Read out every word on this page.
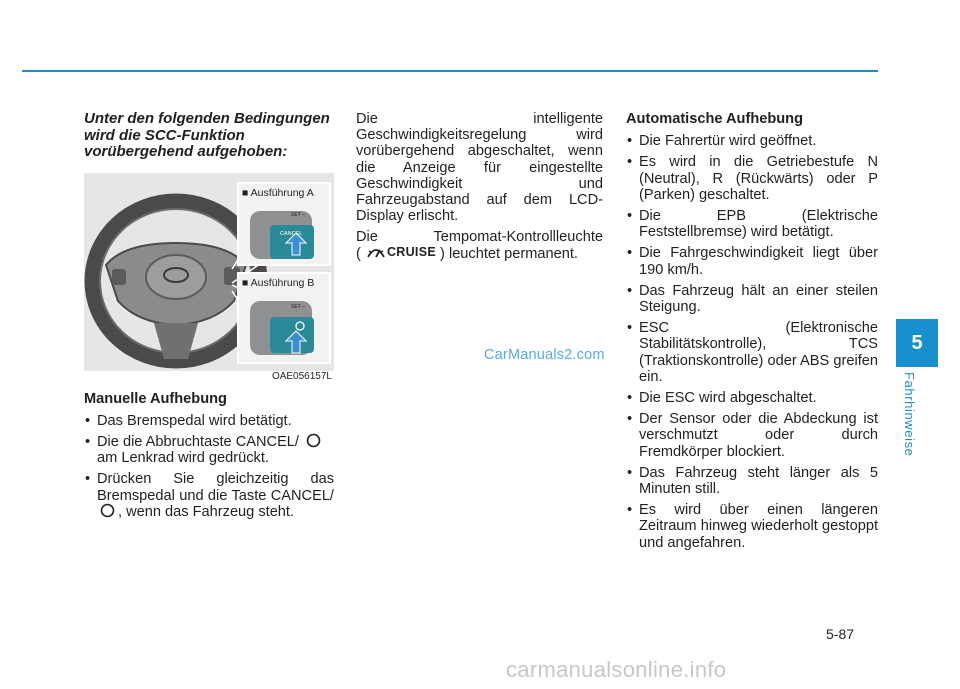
Unter den folgenden Bedingungen wird die SCC-Funktion vorübergehend aufgehoben:

■ Ausführung A
SET –
CANCEL
■ Ausführung B
SET –
OAE056157L

Manuelle Aufhebung

• Das Bremspedal wird betätigt.
• Die die Abbruchtaste CANCEL/  am Lenkrad wird gedrückt.
• Drücken Sie gleichzeitig das Bremspedal und die Taste CANCEL/ , wenn das Fahrzeug steht.

Die intelligente Geschwindigkeitsregelung wird vorübergehend abgeschaltet, wenn die Anzeige für eingestellte Geschwindigkeit und Fahrzeugabstand auf dem LCD-Display erlischt.

Die Tempomat-Kontrollleuchte

( CRUISE ) leuchtet permanent.

Automatische Aufhebung

• Die Fahrertür wird geöffnet.
• Es wird in die Getriebestufe N (Neutral), R (Rückwärts) oder P (Parken) geschaltet.
• Die EPB (Elektrische Feststellbremse) wird betätigt.
• Die Fahrgeschwindigkeit liegt über 190 km/h.
• Das Fahrzeug hält an einer steilen Steigung.
• ESC (Elektronische Stabilitätskontrolle), TCS (Traktionskontrolle) oder ABS greifen ein.
• Die ESC wird abgeschaltet.
• Der Sensor oder die Abdeckung ist verschmutzt oder durch Fremdkörper blockiert.
• Das Fahrzeug steht länger als 5 Minuten still.
• Es wird über einen längeren Zeitraum hinweg wiederholt gestoppt und angefahren.
CarManuals2.com
5
Fahrhinweise
5-87
carmanualsonline.info
